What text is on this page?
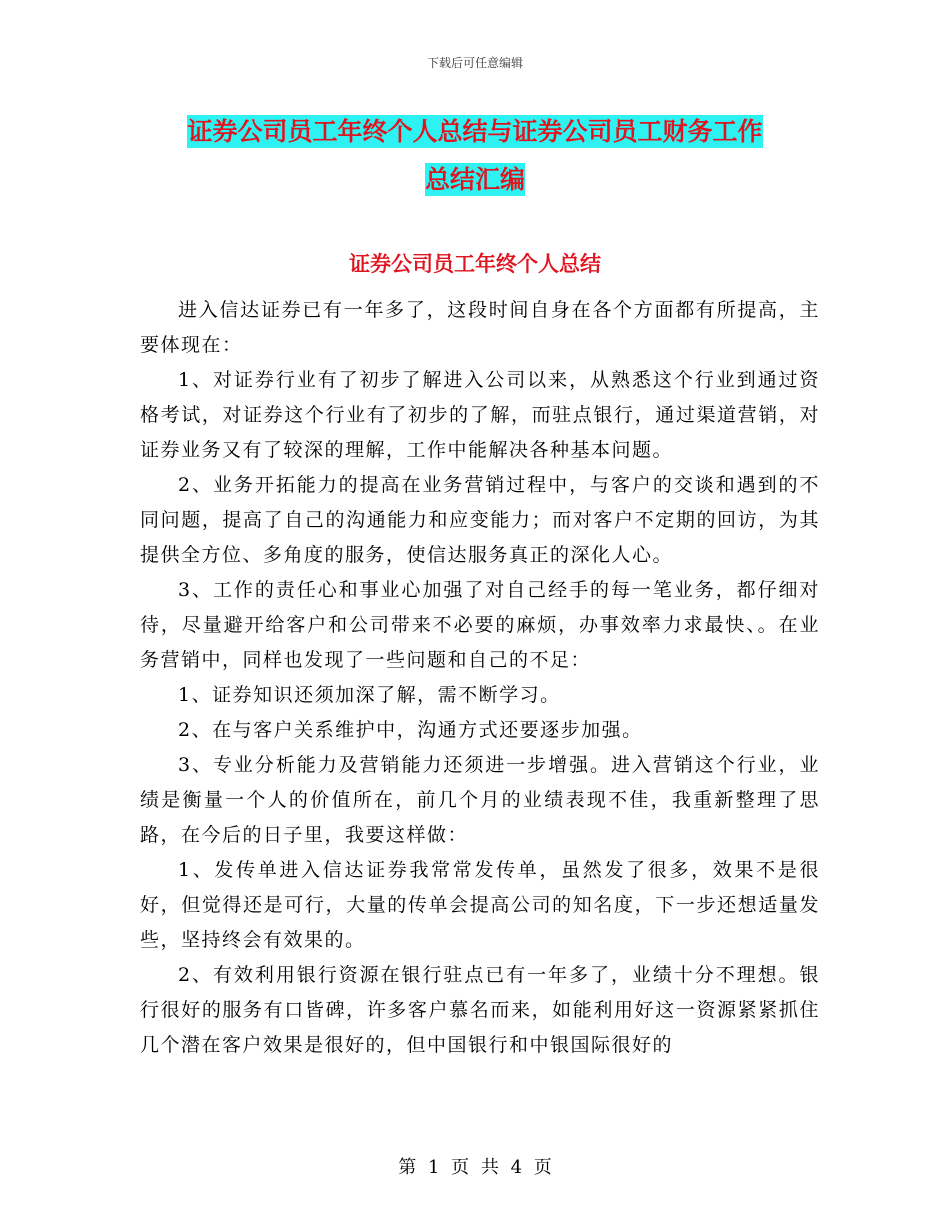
下载后可任意编辑
证券公司员工年终个人总结与证券公司员工财务工作
总结汇编
证券公司员工年终个人总结

进入信达证券已有一年多了，这段时间自身在各个方面都有所提高，主要体现在：

1、对证券行业有了初步了解进入公司以来，从熟悉这个行业到通过资格考试，对证券这个行业有了初步的了解，而驻点银行，通过渠道营销，对证券业务又有了较深的理解，工作中能解决各种基本问题。

2、业务开拓能力的提高在业务营销过程中，与客户的交谈和遇到的不同问题，提高了自己的沟通能力和应变能力；而对客户不定期的回访，为其提供全方位、多角度的服务，使信达服务真正的深化人心。

3、工作的责任心和事业心加强了对自己经手的每一笔业务，都仔细对待，尽量避开给客户和公司带来不必要的麻烦，办事效率力求最快、。在业务营销中，同样也发现了一些问题和自己的不足：

1、证券知识还须加深了解，需不断学习。

2、在与客户关系维护中，沟通方式还要逐步加强。

3、专业分析能力及营销能力还须进一步增强。进入营销这个行业，业绩是衡量一个人的价值所在，前几个月的业绩表现不佳，我重新整理了思路，在今后的日子里，我要这样做：

1、发传单进入信达证券我常常发传单，虽然发了很多，效果不是很好，但觉得还是可行，大量的传单会提高公司的知名度，下一步还想适量发些，坚持终会有效果的。

2、有效利用银行资源在银行驻点已有一年多了，业绩十分不理想。银行很好的服务有口皆碑，许多客户慕名而来，如能利用好这一资源紧紧抓住几个潜在客户效果是很好的，但中国银行和中银国际很好的

第 1 页 共 4 页
